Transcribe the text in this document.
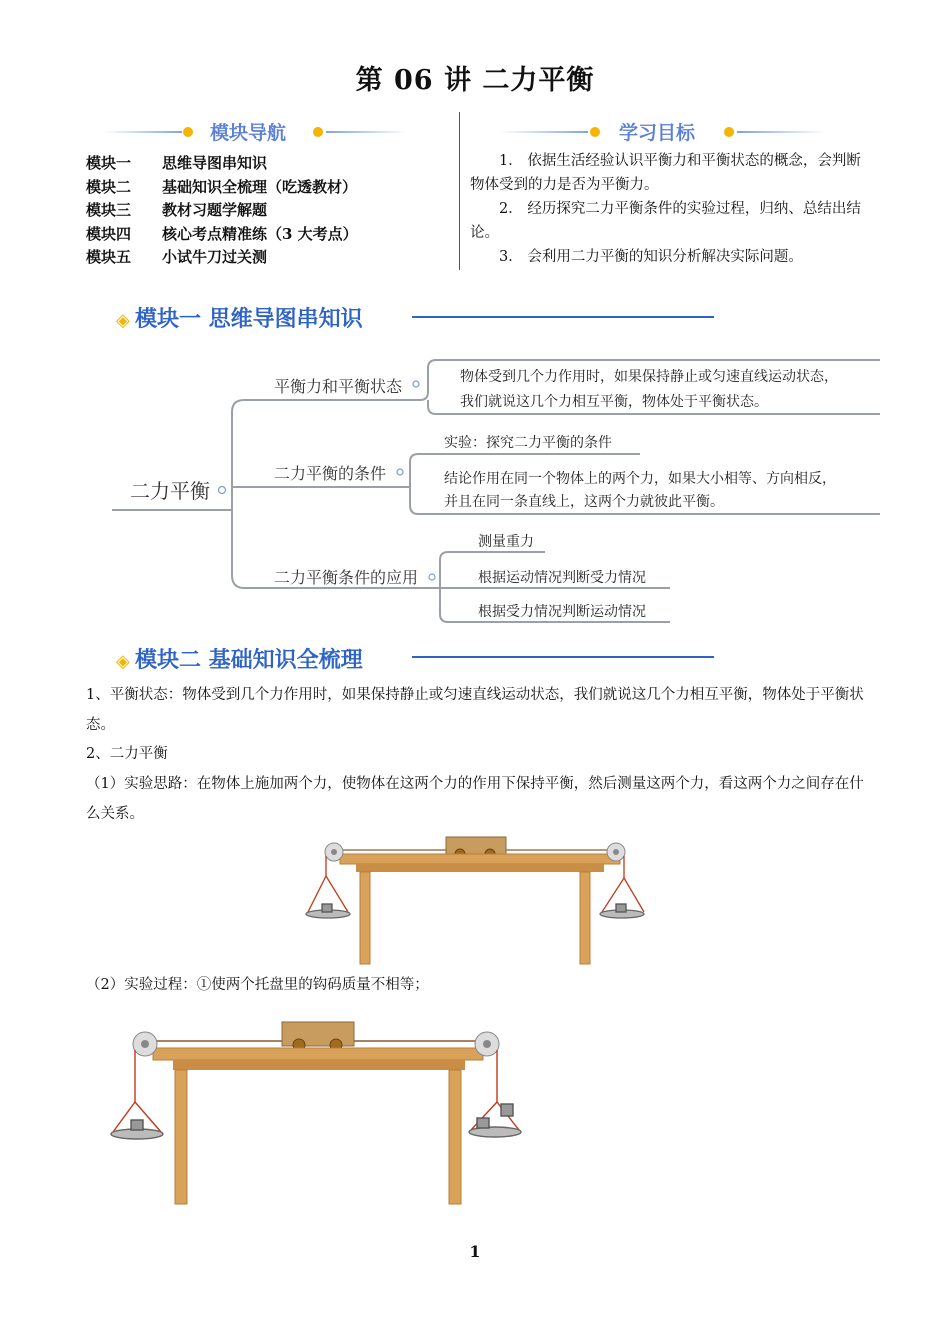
第 06 讲 二力平衡
模块导航
模块一 思维导图串知识
模块二 基础知识全梳理（吃透教材）
模块三 教材习题学解题
模块四 核心考点精准练（3 大考点）
模块五 小试牛刀过关测
学习目标

1． 依据生活经验认识平衡力和平衡状态的概念，会判断物体受到的力是否为平衡力。

2． 经历探究二力平衡条件的实验过程，归纳、总结出结论。

3． 会利用二力平衡的知识分析解决实际问题。

◈ 模块一 思维导图串知识
二力平衡
平衡力和平衡状态	物体受到几个力作用时，如果保持静止或匀速直线运动状态，
我们就说这几个力相互平衡，物体处于平衡状态。
二力平衡的条件
实验：探究二力平衡的条件
结论作用在同一个物体上的两个力，如果大小相等、方向相反，
并且在同一条直线上，这两个力就彼此平衡。
二力平衡条件的应用
测量重力
根据运动情况判断受力情况
根据受力情况判断运动情况
◈ 模块二 基础知识全梳理
1、平衡状态：物体受到几个力作用时，如果保持静止或匀速直线运动状态，我们就说这几个力相互平衡，物体处于平衡状态。
2、二力平衡
（1）实验思路：在物体上施加两个力，使物体在这两个力的作用下保持平衡，然后测量这两个力，看这两个力之间存在什么关系。
（2）实验过程：①使两个托盘里的钩码质量不相等；
1
